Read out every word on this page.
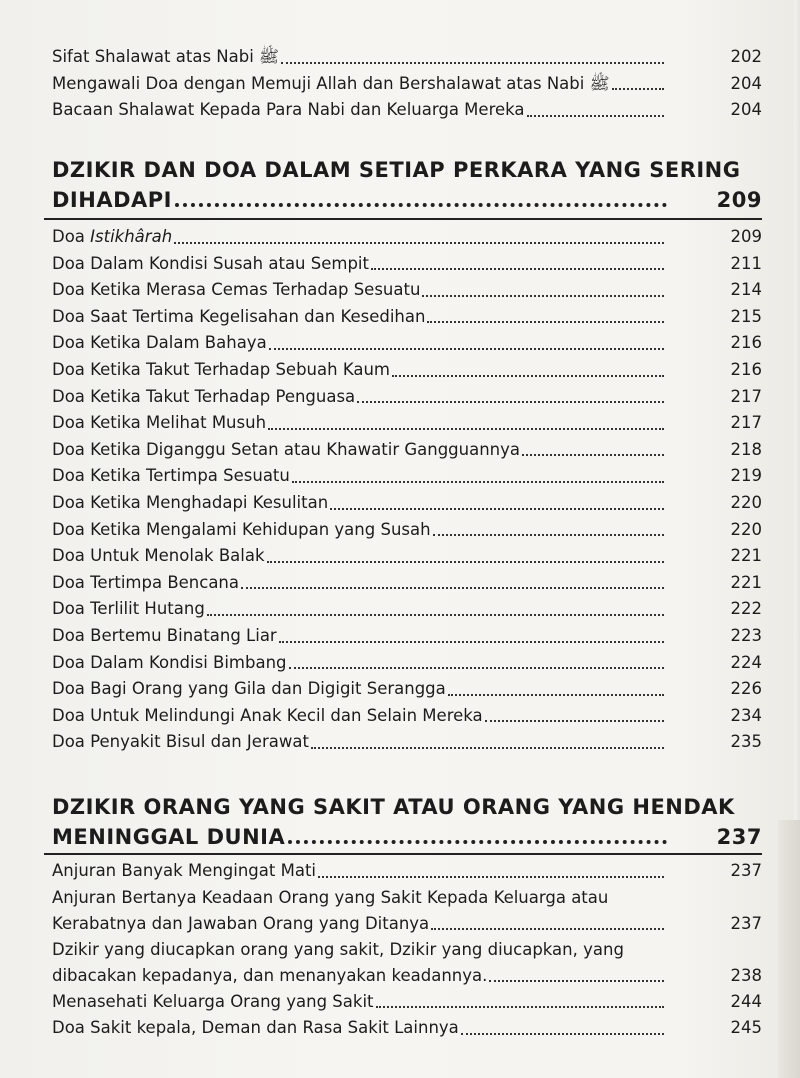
Sifat Shalawat atas Nabi ﷺ	202
Mengawali Doa dengan Memuji Allah dan Bershalawat atas Nabi ﷺ	204
Bacaan Shalawat Kepada Para Nabi dan Keluarga Mereka	204
DZIKIR DAN DOA DALAM SETIAP PERKARA YANG SERING
DIHADAPI	209
Doa Istikhârah	209
Doa Dalam Kondisi Susah atau Sempit	211
Doa Ketika Merasa Cemas Terhadap Sesuatu	214
Doa Saat Tertima Kegelisahan dan Kesedihan	215
Doa Ketika Dalam Bahaya	216
Doa Ketika Takut Terhadap Sebuah Kaum	216
Doa Ketika Takut Terhadap Penguasa	217
Doa Ketika Melihat Musuh	217
Doa Ketika Diganggu Setan atau Khawatir Gangguannya	218
Doa Ketika Tertimpa Sesuatu	219
Doa Ketika Menghadapi Kesulitan	220
Doa Ketika Mengalami Kehidupan yang Susah	220
Doa Untuk Menolak Balak	221
Doa Tertimpa Bencana	221
Doa Terlilit Hutang	222
Doa Bertemu Binatang Liar	223
Doa Dalam Kondisi Bimbang	224
Doa Bagi Orang yang Gila dan Digigit Serangga	226
Doa Untuk Melindungi Anak Kecil dan Selain Mereka	234
Doa Penyakit Bisul dan Jerawat	235
DZIKIR ORANG YANG SAKIT ATAU ORANG YANG HENDAK
MENINGGAL DUNIA	237
Anjuran Banyak Mengingat Mati	237
Anjuran Bertanya Keadaan Orang yang Sakit Kepada Keluarga atau
Kerabatnya dan Jawaban Orang yang Ditanya	237
Dzikir yang diucapkan orang yang sakit, Dzikir yang diucapkan, yang
dibacakan kepadanya, dan menanyakan keadannya.	238
Menasehati Keluarga Orang yang Sakit	244
Doa Sakit kepala, Deman dan Rasa Sakit Lainnya	245
